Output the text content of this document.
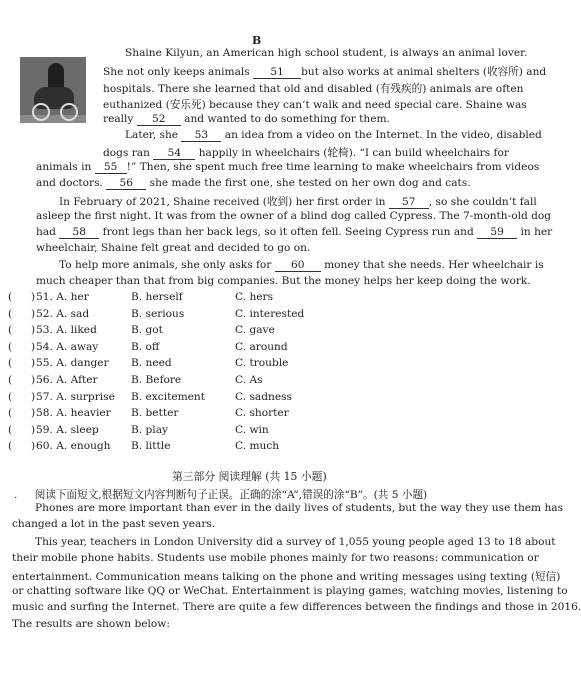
B
Shaine Kilyun, an American high school student, is always an animal lover.
She not only keeps animals 51 but also works at animal shelters (收容所) and
hospitals. There she learned that old and disabled (有残疾的) animals are often
euthanized (安乐死) because they can’t walk and need special care. Shaine was
really 52 and wanted to do something for them.
Later, she 53 an idea from a video on the Internet. In the video, disabled
dogs ran 54 happily in wheelchairs (轮椅). “I can build wheelchairs for
animals in 55 !” Then, she spent much free time learning to make wheelchairs from videos
and doctors. 56 she made the first one, she tested on her own dog and cats.
In February of 2021, Shaine received (收到) her first order in 57 , so she couldn’t fall
asleep the first night. It was from the owner of a blind dog called Cypress. The 7-month-old dog
had 58 front legs than her back legs, so it often fell. Seeing Cypress run and 59 in her
wheelchair, Shaine felt great and decided to go on.
To help more animals, she only asks for 60 money that she needs. Her wheelchair is
much cheaper than that from big companies. But the money helps her keep doing the work.
( ) 51. A. her	B. herself	C. hers
( ) 52. A. sad	B. serious	C. interested
( ) 53. A. liked	B. got	C. gave
( ) 54. A. away	B. off	C. around
( ) 55. A. danger B. need	C. trouble
( ) 56. A. After	B. Before	C. As
( ) 57. A. surprise B. excitement	C. sadness
( ) 58. A. heavier B. better	C. shorter
( ) 59. A. sleep	B. play	C. win
( ) 60. A. enough B. little	C. much
第三部分 阅读理解 (共 15 小题)
. 阅读下面短文,根据短文内容判断句子正误。正确的涂“A”,错误的涂“B”。(共 5 小题)
Phones are more important than ever in the daily lives of students, but the way they use them has
changed a lot in the past seven years.
This year, teachers in London University did a survey of 1,055 young people aged 13 to 18 about
their mobile phone habits. Students use mobile phones mainly for two reasons: communication or
entertainment. Communication means talking on the phone and writing messages using texting (短信)
or chatting software like QQ or WeChat. Entertainment is playing games, watching movies, listening to
music and surfing the Internet. There are quite a few differences between the findings and those in 2016.
The results are shown below:
